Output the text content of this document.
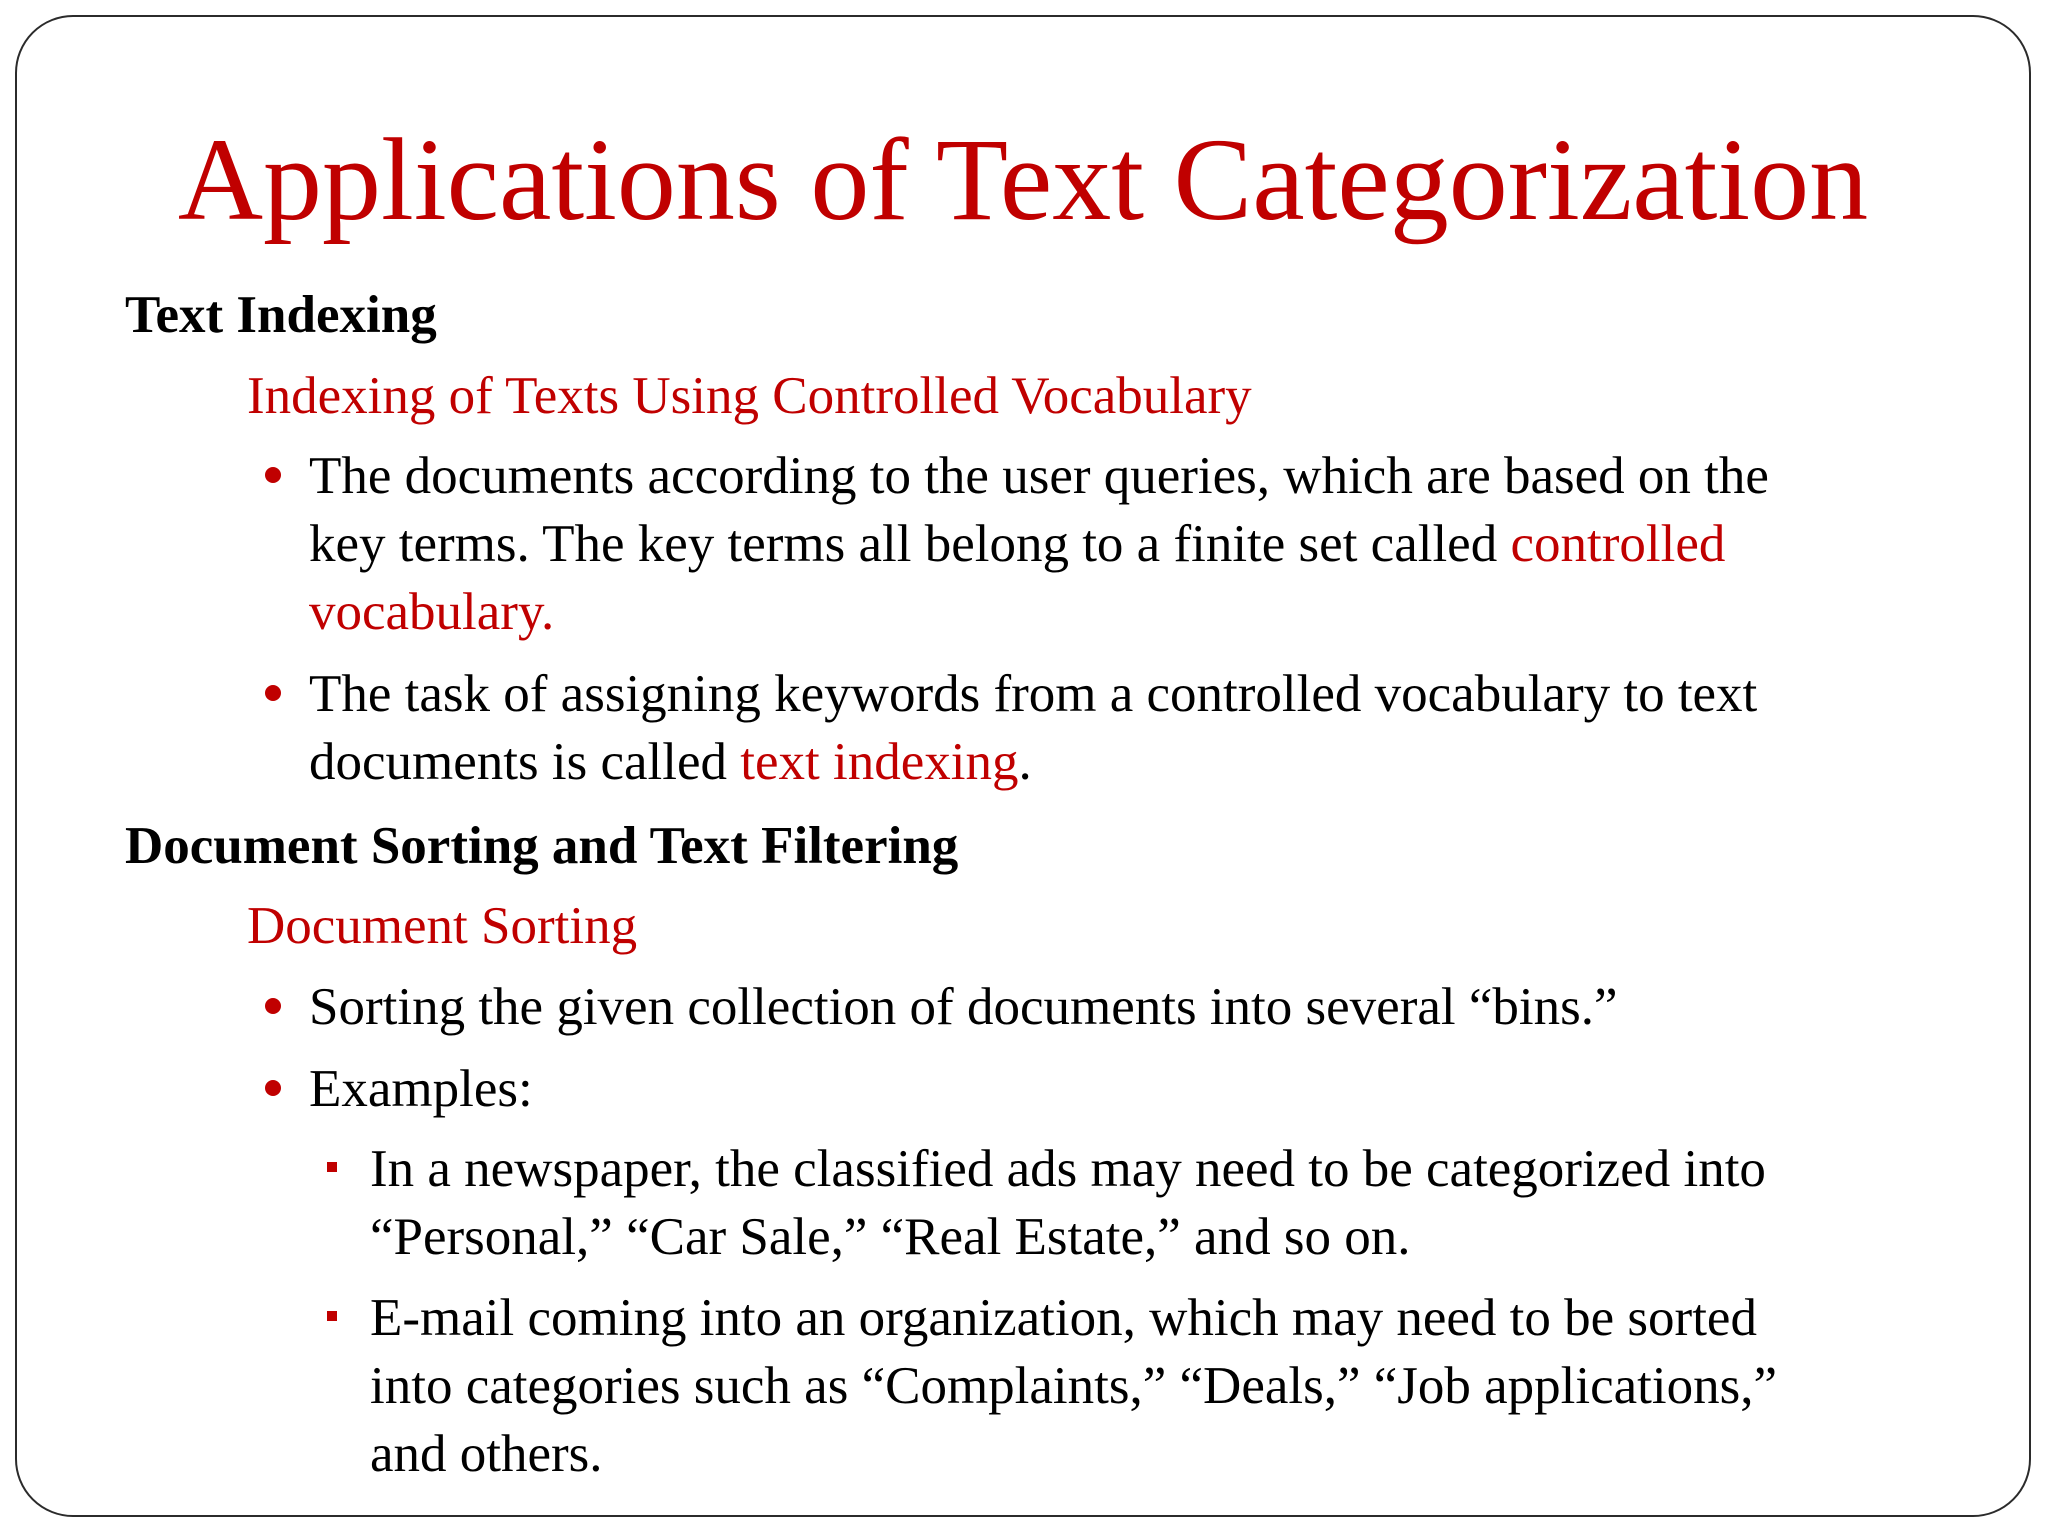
Applications of Text Categorization

Text Indexing

Indexing of Texts Using Controlled Vocabulary

The documents according to the user queries, which are based on the

key terms. The key terms all belong to a finite set called controlled

vocabulary.

The task of assigning keywords from a controlled vocabulary to text

documents is called text indexing.

Document Sorting and Text Filtering

Document Sorting

Sorting the given collection of documents into several “bins.”

Examples:

In a newspaper, the classified ads may need to be categorized into

“Personal,” “Car Sale,” “Real Estate,” and so on.

E-mail coming into an organization, which may need to be sorted

into categories such as “Complaints,” “Deals,” “Job applications,”

and others.
